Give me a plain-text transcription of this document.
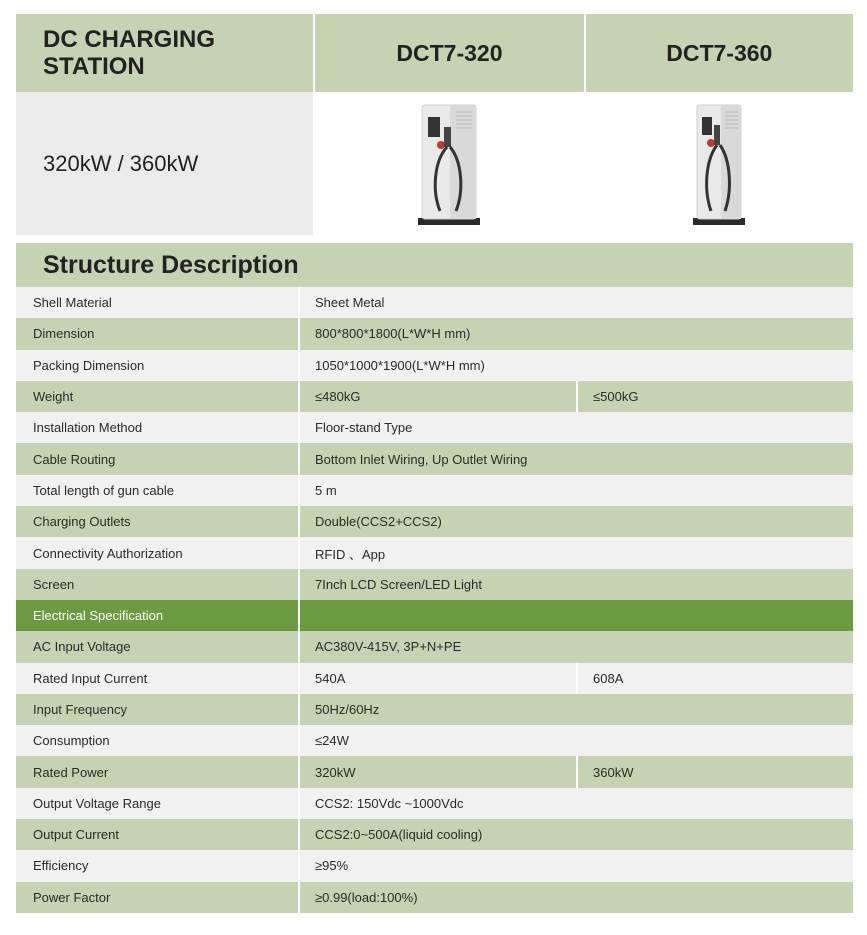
DC CHARGING
STATION
DCT7-320	DCT7-360
320kW / 360kW
Structure Description
Shell Material	Sheet Metal
Dimension	800*800*1800(L*W*H mm)
Packing Dimension	1050*1000*1900(L*W*H mm)
Weight	≤480kG	≤500kG
Installation Method	Floor-stand Type
Cable Routing	Bottom Inlet Wiring, Up Outlet Wiring
Total length of gun cable	5 m
Charging Outlets	Double(CCS2+CCS2)
Connectivity Authorization	RFID 、App
Screen	7Inch LCD Screen/LED Light
Electrical Specification
AC Input Voltage	AC380V-415V, 3P+N+PE
Rated Input Current	540A	608A
Input Frequency	50Hz/60Hz
Consumption	≤24W
Rated Power	320kW	360kW
Output Voltage Range	CCS2: 150Vdc ~1000Vdc
Output Current	CCS2:0~500A(liquid cooling)
Efficiency	≥95%
Power Factor	≥0.99(load:100%)
